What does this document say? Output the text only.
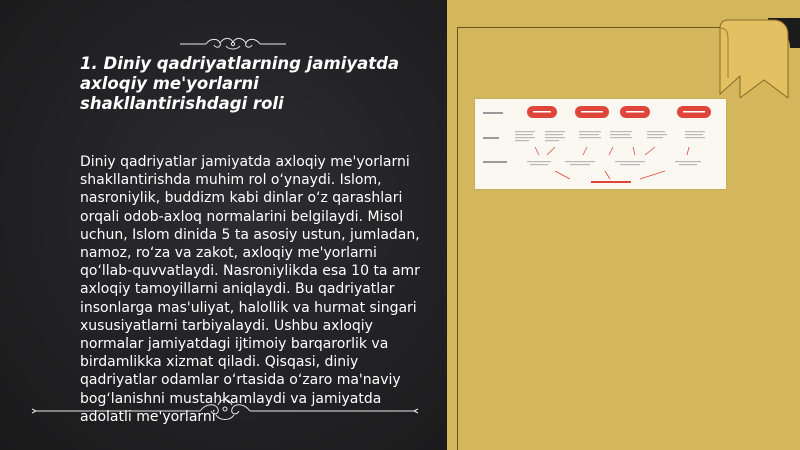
1. Diniy qadriyatlarning jamiyatda axloqiy me'yorlarni shakllantirishdagi roli

Diniy qadriyatlar jamiyatda axloqiy me'yorlarni shakllantirishda muhim rol o‘ynaydi. Islom, nasroniylik, buddizm kabi dinlar o‘z qarashlari orqali odob-axloq normalarini belgilaydi. Misol uchun, Islom dinida 5 ta asosiy ustun, jumladan, namoz, ro‘za va zakot, axloqiy me'yorlarni qo‘llab-quvvatlaydi. Nasroniylikda esa 10 ta amr axloqiy tamoyillarni aniqlaydi. Bu qadriyatlar insonlarga mas'uliyat, halollik va hurmat singari xususiyatlarni tarbiyalaydi. Ushbu axloqiy normalar jamiyatdagi ijtimoiy barqarorlik va birdamlikka xizmat qiladi. Qisqasi, diniy qadriyatlar odamlar o‘rtasida o‘zaro ma'naviy bog‘lanishni mustahkamlaydi va jamiyatda adolatli me'yorlarni
